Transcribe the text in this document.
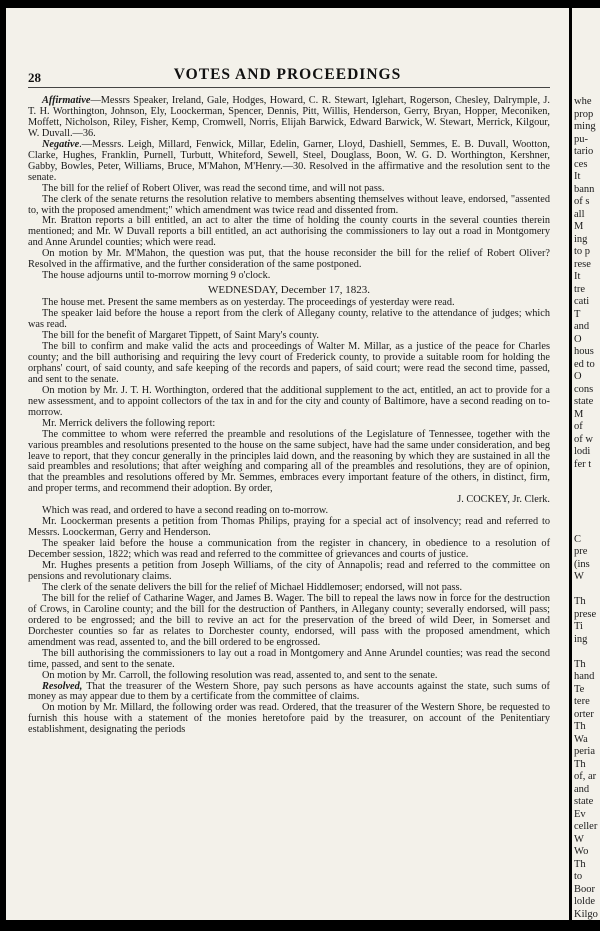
28	VOTES AND PROCEEDINGS

Affirmative—Messrs Speaker, Ireland, Gale, Hodges, Howard, C. R. Stewart, Iglehart, Rogerson, Chesley, Dalrymple, J. T. H. Worthington, Johnson, Ely, Loockerman, Spencer, Dennis, Pitt, Willis, Henderson, Gerry, Bryan, Hopper, Meconiken, Moffett, Nicholson, Riley, Fisher, Kemp, Cromwell, Norris, Elijah Barwick, Edward Barwick, W. Stewart, Merrick, Kilgour, W. Duvall.—36.

Negative.—Messrs. Leigh, Millard, Fenwick, Millar, Edelin, Garner, Lloyd, Dashiell, Semmes, E. B. Duvall, Wootton, Clarke, Hughes, Franklin, Purnell, Turbutt, Whiteford, Sewell, Steel, Douglass, Boon, W. G. D. Worthington, Kershner, Gabby, Bowles, Peter, Williams, Bruce, M'Mahon, M'Henry.—30. Resolved in the affirmative and the resolution sent to the senate.

The bill for the relief of Robert Oliver, was read the second time, and will not pass.

The clerk of the senate returns the resolution relative to members absenting themselves without leave, endorsed, "assented to, with the proposed amendment;" which amendment was twice read and dissented from.

Mr. Bratton reports a bill entitled, an act to alter the time of holding the county courts in the several counties therein mentioned; and Mr. W Duvall reports a bill entitled, an act authorising the commissioners to lay out a road in Montgomery and Anne Arundel counties; which were read.

On motion by Mr. M'Mahon, the question was put, that the house reconsider the bill for the relief of Robert Oliver? Resolved in the affirmative, and the further consideration of the same postponed.

The house adjourns until to-morrow morning 9 o'clock.

WEDNESDAY, December 17, 1823.

The house met. Present the same members as on yesterday. The proceedings of yesterday were read.

The speaker laid before the house a report from the clerk of Allegany county, relative to the attendance of judges; which was read.

The bill for the benefit of Margaret Tippett, of Saint Mary's county.

The bill to confirm and make valid the acts and proceedings of Walter M. Millar, as a justice of the peace for Charles county; and the bill authorising and requiring the levy court of Frederick county, to provide a suitable room for holding the orphans' court, of said county, and safe keeping of the records and papers, of said court; were read the second time, passed, and sent to the senate.

On motion by Mr. J. T. H. Worthington, ordered that the additional supplement to the act, entitled, an act to provide for a new assessment, and to appoint collectors of the tax in and for the city and county of Baltimore, have a second reading on to-morrow.

Mr. Merrick delivers the following report:

The committee to whom were referred the preamble and resolutions of the Legislature of Tennessee, together with the various preambles and resolutions presented to the house on the same subject, have had the same under consideration, and beg leave to report, that they concur generally in the principles laid down, and the reasoning by which they are sustained in all the said preambles and resolutions; that after weighing and comparing all of the preambles and resolutions, they are of opinion, that the preambles and resolutions offered by Mr. Semmes, embraces every important feature of the others, in distinct, firm, and proper terms, and recommend their adoption. By order,

J. COCKEY, Jr. Clerk.

Which was read, and ordered to have a second reading on to-morrow.

Mr. Loockerman presents a petition from Thomas Philips, praying for a special act of insolvency; read and referred to Messrs. Loockerman, Gerry and Henderson.

The speaker laid before the house a communication from the register in chancery, in obedience to a resolution of December session, 1822; which was read and referred to the committee of grievances and courts of justice.

Mr. Hughes presents a petition from Joseph Williams, of the city of Annapolis; read and referred to the committee on pensions and revolutionary claims.

The clerk of the senate delivers the bill for the relief of Michael Hiddlemoser; endorsed, will not pass.

The bill for the relief of Catharine Wager, and James B. Wager. The bill to repeal the laws now in force for the destruction of Crows, in Caroline county; and the bill for the destruction of Panthers, in Allegany county; severally endorsed, will pass; ordered to be engrossed; and the bill to revive an act for the preservation of the breed of wild Deer, in Somerset and Dorchester counties so far as relates to Dorchester county, endorsed, will pass with the proposed amendment, which amendment was read, assented to, and the bill ordered to be engrossed.

The bill authorising the commissioners to lay out a road in Montgomery and Anne Arundel counties; was read the second time, passed, and sent to the senate.

On motion by Mr. Carroll, the following resolution was read, assented to, and sent to the senate.

Resolved, That the treasurer of the Western Shore, pay such persons as have accounts against the state, such sums of money as may appear due to them by a certificate from the committee of claims.

On motion by Mr. Millard, the following order was read. Ordered, that the treasurer of the Western Shore, be requested to furnish this house with a statement of the monies heretofore paid by the treasurer, on account of the Penitentiary establishment, designating the periods

whe
prop
ming
pu-
tario
ces
It
bann
of s
all
M
ing
to p
rese
It
tre
cati
T
and
O
hous
ed to
O
cons
state
M
of
of w
lodi
fer t
C
pre
(ins
W
Th
prese
Ti
ing
Th
hand
Te
tere
orter
Th
Wa
peria
Th
of, ar
and
state
Ev
celler
W
Wo
Th
to
Boor
lolde
Kilgo
